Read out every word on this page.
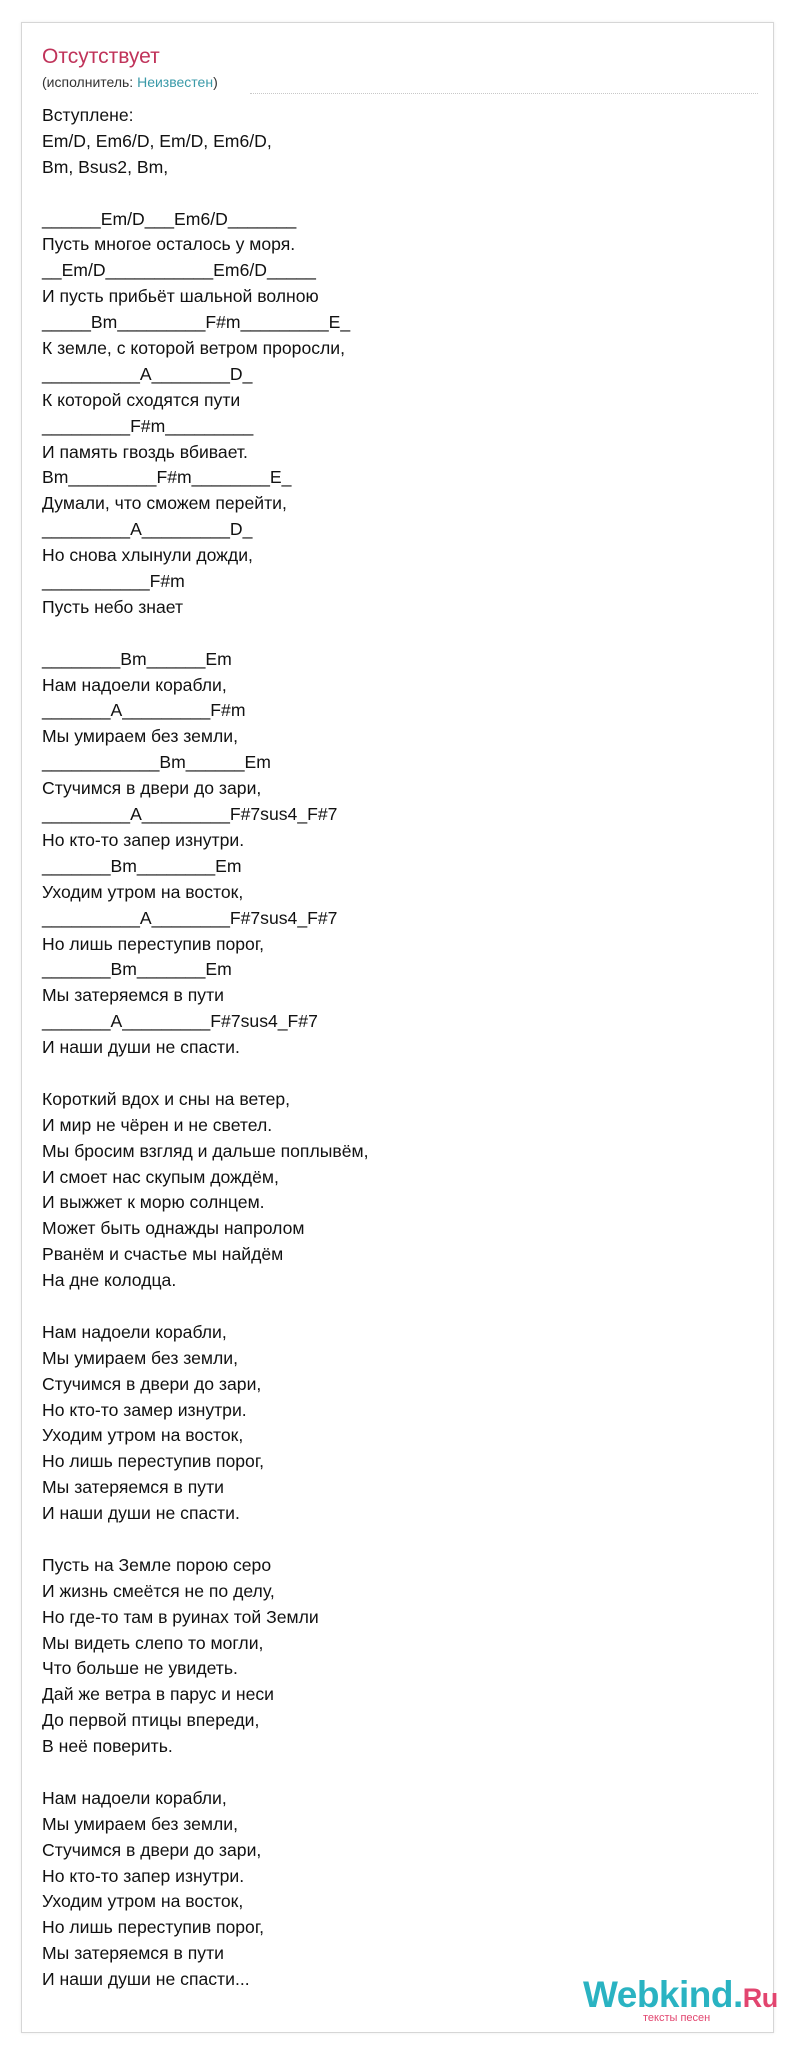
Отсутствует
(исполнитель: Неизвестен)
Вступлене:
Em/D, Em6/D, Em/D, Em6/D,
Bm, Bsus2, Bm,
______Em/D___Em6/D_______
Пусть многое осталось у моря.
__Em/D___________Em6/D_____
И пусть прибьёт шальной волною
_____Bm_________F#m_________E_
К земле, с которой ветром проросли,
__________A________D_
К которой сходятся пути
_________F#m_________
И память гвоздь вбивает.
Bm_________F#m________E_
Думали, что сможем перейти,
_________A_________D_
Но снова хлынули дожди,
___________F#m
Пусть небо знает
________Bm______Em
Нам надоели корабли,
_______A_________F#m
Мы умираем без земли,
____________Bm______Em
Стучимся в двери до зари,
_________A_________F#7sus4_F#7
Но кто-то запер изнутри.
_______Bm________Em
Уходим утром на восток,
__________A________F#7sus4_F#7
Но лишь переступив порог,
_______Bm_______Em
Мы затеряемся в пути
_______A_________F#7sus4_F#7
И наши души не спасти.
Короткий вдох и сны на ветер,
И мир не чёрен и не светел.
Мы бросим взгляд и дальше поплывём,
И смоет нас скупым дождём,
И выжжет к морю солнцем.
Может быть однажды напролом
Рванём и счастье мы найдём
На дне колодца.
Нам надоели корабли,
Мы умираем без земли,
Стучимся в двери до зари,
Но кто-то замер изнутри.
Уходим утром на восток,
Но лишь переступив порог,
Мы затеряемся в пути
И наши души не спасти.
Пусть на Земле порою серо
И жизнь смеётся не по делу,
Но где-то там в руинах той Земли
Мы видеть слепо то могли,
Что больше не увидеть.
Дай же ветра в парус и неси
До первой птицы впереди,
В неё поверить.
Нам надоели корабли,
Мы умираем без земли,
Стучимся в двери до зари,
Но кто-то запер изнутри.
Уходим утром на восток,
Но лишь переступив порог,
Мы затеряемся в пути
И наши души не спасти...	Webkind.Ru
тексты песен
